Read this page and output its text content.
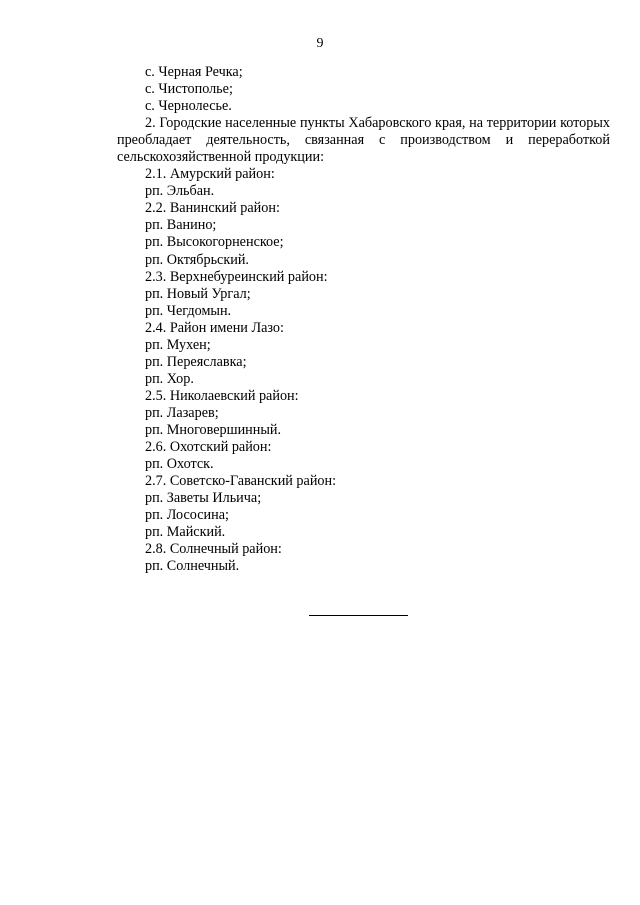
9
с. Черная Речка;
с. Чистополье;
с. Чернолесье.
2. Городские населенные пункты Хабаровского края, на территории которых преобладает деятельность, связанная с производством и переработкой сельскохозяйственной продукции:
2.1. Амурский район:
рп. Эльбан.
2.2. Ванинский район:
рп. Ванино;
рп. Высокогорненское;
рп. Октябрьский.
2.3. Верхнебуреинский район:
рп. Новый Ургал;
рп. Чегдомын.
2.4. Район имени Лазо:
рп. Мухен;
рп. Переяславка;
рп. Хор.
2.5. Николаевский район:
рп. Лазарев;
рп. Многовершинный.
2.6. Охотский район:
рп. Охотск.
2.7. Советско-Гаванский район:
рп. Заветы Ильича;
рп. Лососина;
рп. Майский.
2.8. Солнечный район:
рп. Солнечный.
